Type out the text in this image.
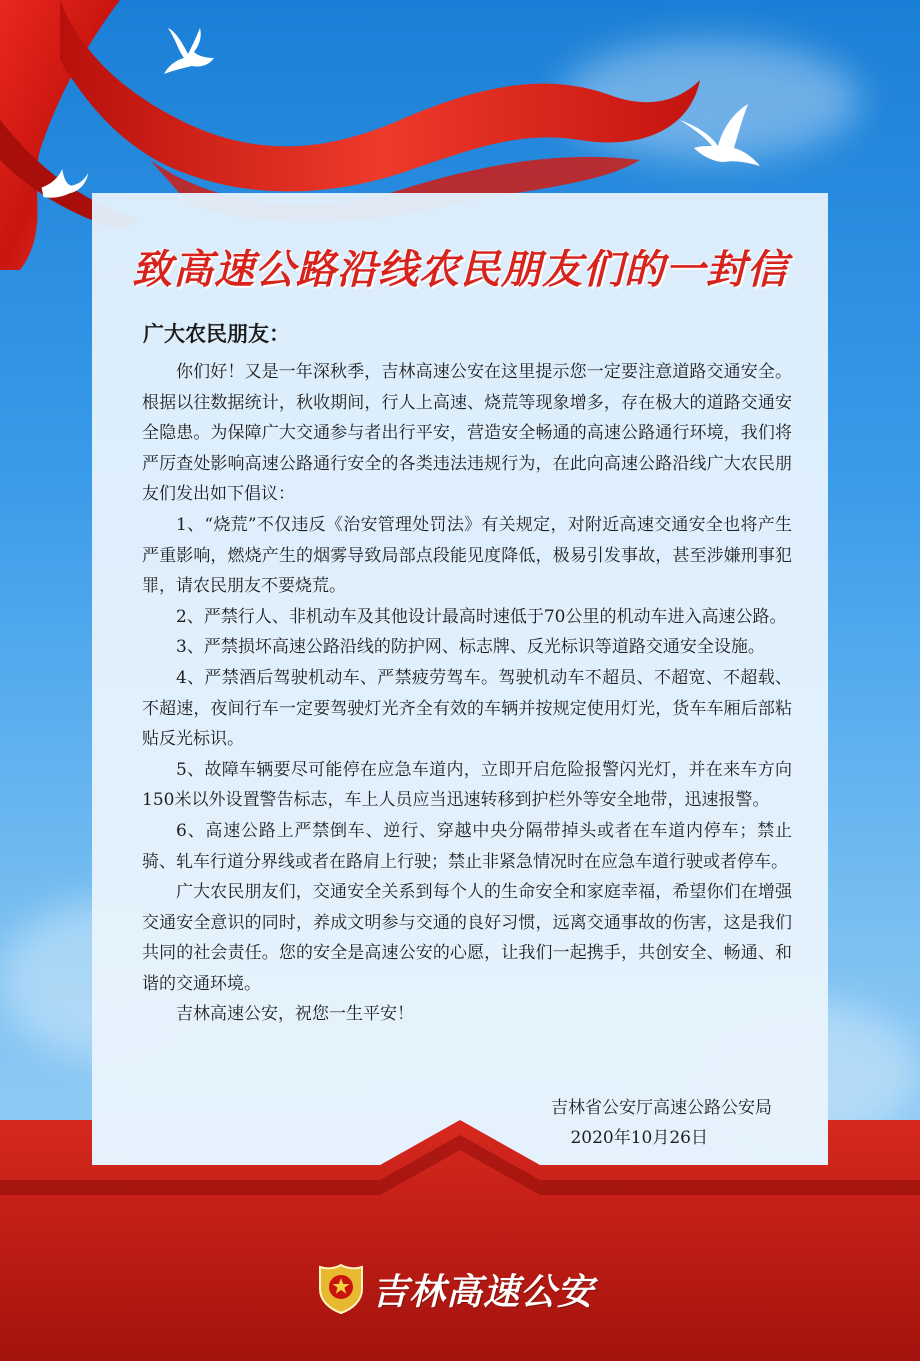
致高速公路沿线农民朋友们的一封信
广大农民朋友：

你们好！又是一年深秋季，吉林高速公安在这里提示您一定要注意道路交通安全。根据以往数据统计，秋收期间，行人上高速、烧荒等现象增多，存在极大的道路交通安全隐患。为保障广大交通参与者出行平安，营造安全畅通的高速公路通行环境，我们将严厉查处影响高速公路通行安全的各类违法违规行为，在此向高速公路沿线广大农民朋友们发出如下倡议：

1、“烧荒”不仅违反《治安管理处罚法》有关规定，对附近高速交通安全也将产生严重影响，燃烧产生的烟雾导致局部点段能见度降低，极易引发事故，甚至涉嫌刑事犯罪，请农民朋友不要烧荒。

2、严禁行人、非机动车及其他设计最高时速低于70公里的机动车进入高速公路。

3、严禁损坏高速公路沿线的防护网、标志牌、反光标识等道路交通安全设施。

4、严禁酒后驾驶机动车、严禁疲劳驾车。驾驶机动车不超员、不超宽、不超载、不超速，夜间行车一定要驾驶灯光齐全有效的车辆并按规定使用灯光，货车车厢后部粘贴反光标识。

5、故障车辆要尽可能停在应急车道内，立即开启危险报警闪光灯，并在来车方向150米以外设置警告标志，车上人员应当迅速转移到护栏外等安全地带，迅速报警。

6、高速公路上严禁倒车、逆行、穿越中央分隔带掉头或者在车道内停车；禁止骑、轧车行道分界线或者在路肩上行驶；禁止非紧急情况时在应急车道行驶或者停车。

广大农民朋友们，交通安全关系到每个人的生命安全和家庭幸福，希望你们在增强交通安全意识的同时，养成文明参与交通的良好习惯，远离交通事故的伤害，这是我们共同的社会责任。您的安全是高速公安的心愿，让我们一起携手，共创安全、畅通、和谐的交通环境。

吉林高速公安，祝您一生平安！

吉林省公安厅高速公路公安局
2020年10月26日
吉林高速公安
